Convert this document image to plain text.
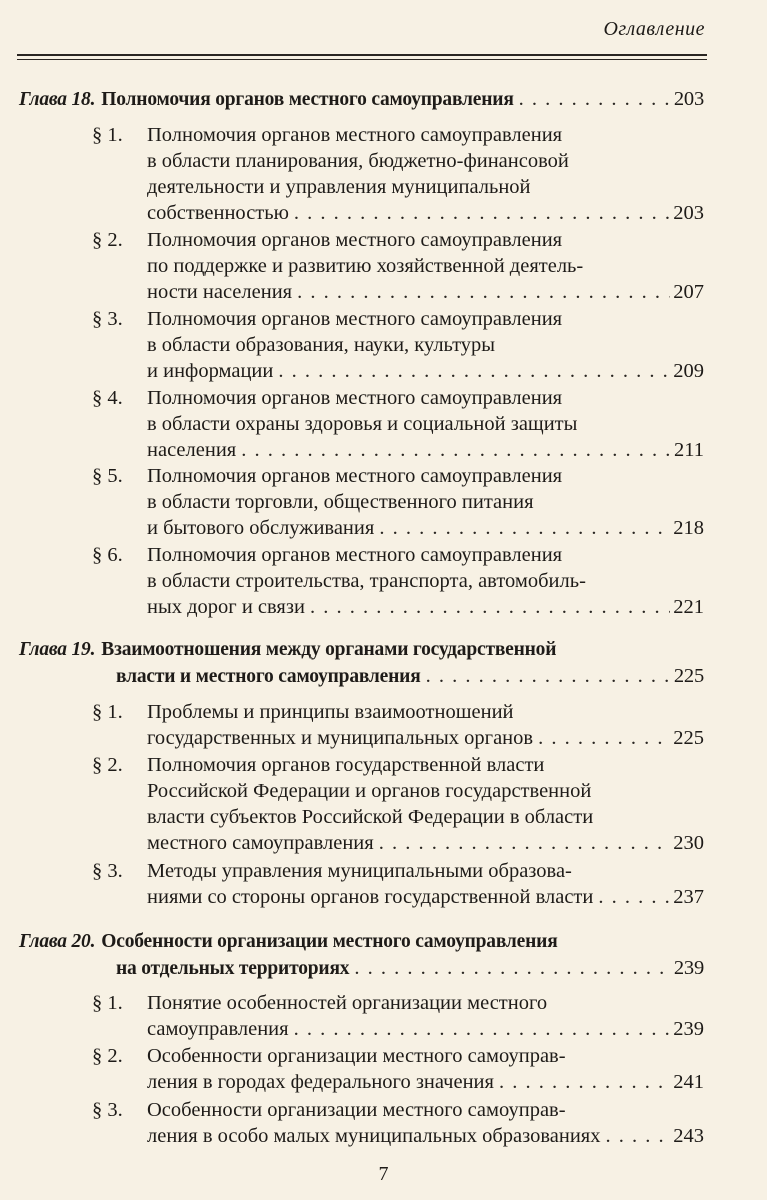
Оглавление
Глава 18. Полномочия органов местного самоуправления . . .	203
§ 1. Полномочия органов местного самоуправления
в области планирования, бюджетно-финансовой
деятельности и управления муниципальной
собственностью . . .	203
§ 2. Полномочия органов местного самоуправления
по поддержке и развитию хозяйственной деятель-
ности населения . . .	207
§ 3. Полномочия органов местного самоуправления
в области образования, науки, культуры
и информации . . .	209
§ 4. Полномочия органов местного самоуправления
в области охраны здоровья и социальной защиты
населения . . .	211
§ 5. Полномочия органов местного самоуправления
в области торговли, общественного питания
и бытового обслуживания . . .	218
§ 6. Полномочия органов местного самоуправления
в области строительства, транспорта, автомобиль-
ных дорог и связи . . .	221
Глава 19. Взаимоотношения между органами государственной
власти и местного самоуправления . . .	225
§ 1. Проблемы и принципы взаимоотношений
государственных и муниципальных органов . . .	225
§ 2. Полномочия органов государственной власти
Российской Федерации и органов государственной
власти субъектов Российской Федерации в области
местного самоуправления . . .	230
§ 3. Методы управления муниципальными образова-
ниями со стороны органов государственной власти . . .	237
Глава 20. Особенности организации местного самоуправления
на отдельных территориях . . .	239
§ 1. Понятие особенностей организации местного
самоуправления . . .	239
§ 2. Особенности организации местного самоуправ-
ления в городах федерального значения . . .	241
§ 3. Особенности организации местного самоуправ-
ления в особо малых муниципальных образованиях . . .	243
7
